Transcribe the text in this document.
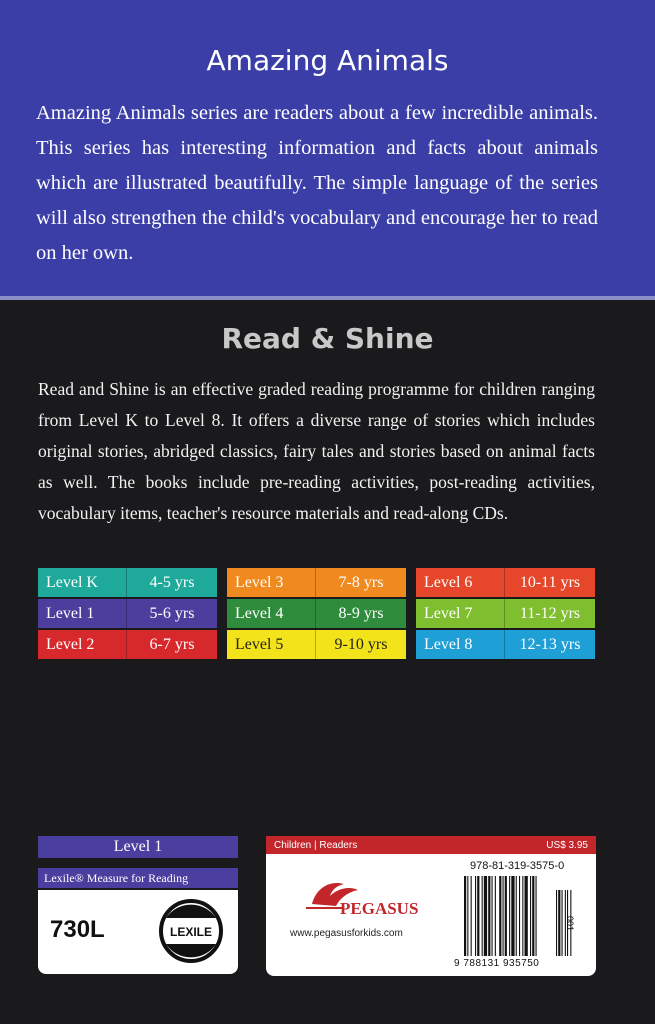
Amazing Animals
Amazing Animals series are readers about a few incredible animals. This series has interesting information and facts about animals which are illustrated beautifully. The simple language of the series will also strengthen the child's vocabulary and encourage her to read on her own.
Read & Shine
Read and Shine is an effective graded reading programme for children ranging from Level K to Level 8. It offers a diverse range of stories which includes original stories, abridged classics, fairy tales and stories based on animal facts as well. The books include pre-reading activities, post-reading activities, vocabulary items, teacher's resource materials and read-along CDs.
Level K	4-5 yrs
Level 1	5-6 yrs
Level 2	6-7 yrs
Level 3	7-8 yrs
Level 4	8-9 yrs
Level 5	9-10 yrs
Level 6	10-11 yrs
Level 7	11-12 yrs
Level 8	12-13 yrs
Level 1
Lexile® Measure for Reading
730L	LEXILE
Children | Readers	US$ 3.95
978-81-319-3575-0
PEGASUS
www.pegasusforkids.com
9 788131 935750
001
